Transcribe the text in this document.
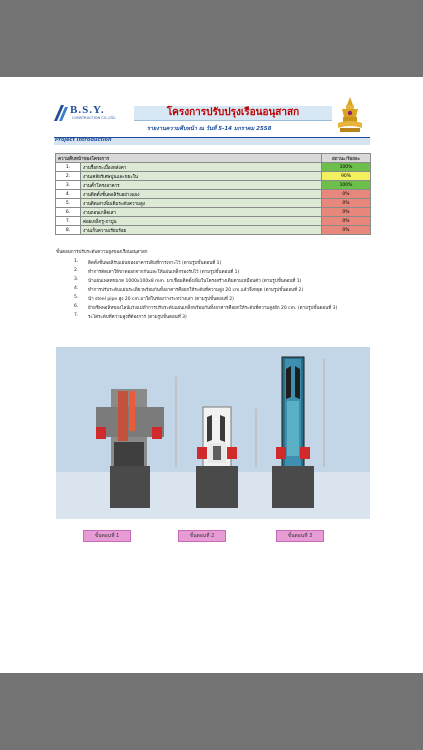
B.S.Y.
CONSTRUCTION CO.,LTD.	โครงการปรับปรุงเรือนอนุสาสก
รายงานความคืบหน้า ณ วันที่ 5-14 มกราคม 2558
Project Introduction
ความคืบหน้าของโครงการ		สถานะ/ร้อยละ
1.	งานรื้อกระเบื้องหลังคา	100%
2.	งานเคลียร์เศษปูนและขยะใน	90%
3.	งานค้ำโครงอาคาร	100%
4.	งานติดตั้งชั้นพอลิรับอย่างแผง	0%
5.	งานติดเสาเพิ่มเติมระดับความสูง	0%
6.	งานถอนเกล็ดเสา	0%
7.	ค่อยเหล็กรู-ถาปูน	0%
8.	งานเก็บความเรียบร้อย	0%
ขั้นตอนการปรับระดับความสูงของเรือนอนุสาสก
1. ติดตั้งชั้นพอลิรับแผ่นของอาคารเดิมที่การเจาะไว้ (ตามรูปขั้นตอนที่ 1)
2. ทำการตัดเสาให้ขาดออกจากกันและให้แผ่นเหล็กรองรับไว้ (ตามรูปขั้นตอนที่ 1)
3. นำแผ่นเพลทขนาด 1000x100x8 mm. มาเชื่อมติดตั้งเพิ่มในโครงสร้างเดิมตามเหมือนตัว (ตามรูปขั้นตอนที่ 1)
4. ทำการปรับระดับแผ่นระเดิยวพร้อมกันทั้งอาคารคือยกให้ระดับที่ความสูง 20 cm.แล้วจึงหยุด (ตามรูปขั้นตอนที่ 2)
5. นำ steel pipe สูง 20 cm.มาใส่ในช่องว่างระหว่างเสา (ตามรูปขั้นตอนที่ 2)
6. ย้ายชิพพอลิหของไลน์แรงแม่ทำการปรับระดับแผ่นเหล็กพร้อมกันทั้งอาคารคือยกให้ระดับที่ความสูงอีก 20 cm. (ตามรูปขั้นตอนที่ 3)
7. ระไต่ระดับที่ความสูงที่ต้องการ (ตามรูปขั้นตอนที่ 3)
ขั้นตอนที่ 1	ขั้นตอนที่ 2	ขั้นตอนที่ 3
